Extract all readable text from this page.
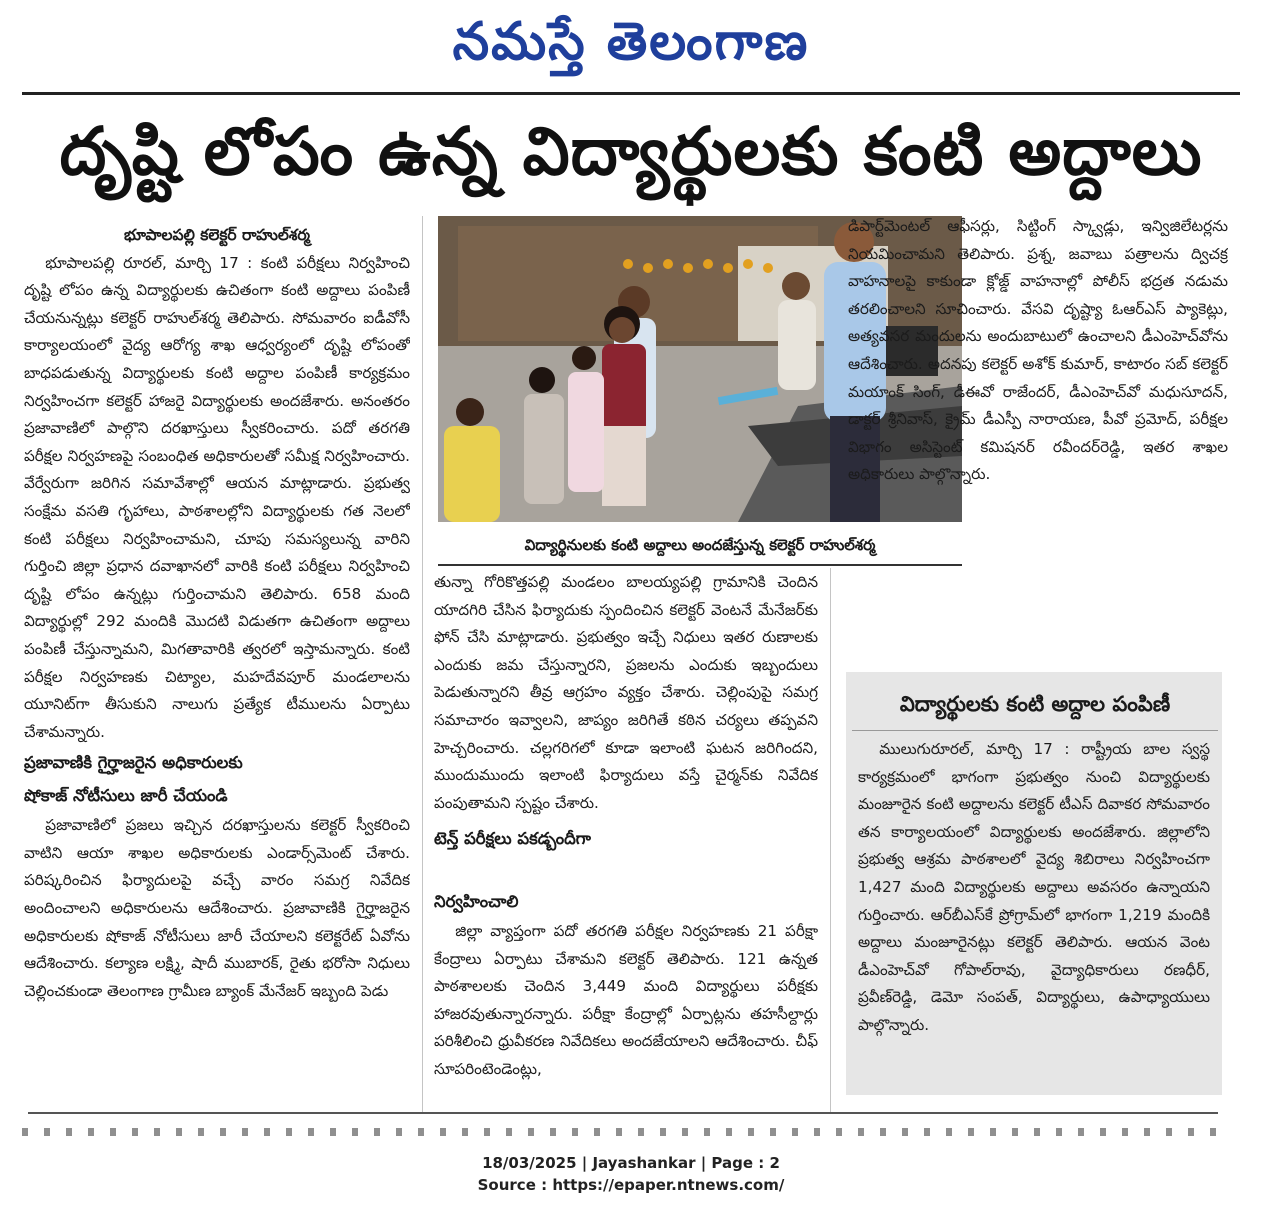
నమస్తే తెలంగాణ
దృష్టి లోపం ఉన్న విద్యార్థులకు కంటి అద్దాలు
భూపాలపల్లి కలెక్టర్ రాహుల్‌శర్మ

భూపాలపల్లి రూరల్, మార్చి 17 : కంటి పరీక్షలు నిర్వహించి దృష్టి లోపం ఉన్న విద్యార్థులకు ఉచితంగా కంటి అద్దాలు పంపిణీ చేయనున్నట్లు కలెక్టర్ రాహుల్‌శర్మ తెలిపారు. సోమవారం ఐడీవోసీ కార్యాలయంలో వైద్య ఆరోగ్య శాఖ ఆధ్వర్యంలో దృష్టి లోపంతో బాధపడుతున్న విద్యార్థులకు కంటి అద్దాల పంపిణీ కార్యక్రమం నిర్వహించగా కలెక్టర్ హాజరై విద్యార్థులకు అందజేశారు. అనంతరం ప్రజావాణిలో పాల్గొని దరఖాస్తులు స్వీకరించారు. పదో తరగతి పరీక్షల నిర్వహణపై సంబంధిత అధికారులతో సమీక్ష నిర్వహించారు. వేర్వేరుగా జరిగిన సమావేశాల్లో ఆయన మాట్లాడారు. ప్రభుత్వ సంక్షేమ వసతి గృహాలు, పాఠశాలల్లోని విద్యార్థులకు గత నెలలో కంటి పరీక్షలు నిర్వహించామని, చూపు సమస్యలున్న వారిని గుర్తించి జిల్లా ప్రధాన దవాఖానలో వారికి కంటి పరీక్షలు నిర్వహించి దృష్టి లోపం ఉన్నట్లు గుర్తించామని తెలిపారు. 658 మంది విద్యార్థుల్లో 292 మందికి మొదటి విడుతగా ఉచితంగా అద్దాలు పంపిణీ చేస్తున్నామని, మిగతావారికి త్వరలో ఇస్తామన్నారు. కంటి పరీక్షల నిర్వహణకు చిట్యాల, మహదేవపూర్ మండలాలను యూనిట్‌గా తీసుకుని నాలుగు ప్రత్యేక టీములను ఏర్పాటు చేశామన్నారు.

ప్రజావాణికి గైర్హాజరైన అధికారులకు
షోకాజ్ నోటీసులు జారీ చేయండి

ప్రజావాణిలో ప్రజలు ఇచ్చిన దరఖాస్తులను కలెక్టర్ స్వీకరించి వాటిని ఆయా శాఖల అధికారులకు ఎండార్స్‌మెంట్ చేశారు. పరిష్కరించిన ఫిర్యాదులపై వచ్చే వారం సమగ్ర నివేదిక అందించాలని అధికారులను ఆదేశించారు. ప్రజావాణికి గైర్హాజరైన అధికారులకు షోకాజ్ నోటీసులు జారీ చేయాలని కలెక్టరేట్ ఏవోను ఆదేశించారు. కల్యాణ లక్ష్మి, షాదీ ముబారక్, రైతు భరోసా నిధులు చెల్లించకుండా తెలంగాణ గ్రామీణ బ్యాంక్ మేనేజర్ ఇబ్బంది పెడు

విద్యార్థినులకు కంటి అద్దాలు అందజేస్తున్న కలెక్టర్ రాహుల్‌శర్మ

తున్నా గోరికొత్తపల్లి మండలం బాలయ్యపల్లి గ్రామానికి చెందిన యాదగిరి చేసిన ఫిర్యాదుకు స్పందించిన కలెక్టర్ వెంటనే మేనేజర్‌కు ఫోన్ చేసి మాట్లాడారు. ప్రభుత్వం ఇచ్చే నిధులు ఇతర రుణాలకు ఎందుకు జమ చేస్తున్నారని, ప్రజలను ఎందుకు ఇబ్బందులు పెడుతున్నారని తీవ్ర ఆగ్రహం వ్యక్తం చేశారు. చెల్లింపుపై సమగ్ర సమాచారం ఇవ్వాలని, జాప్యం జరిగితే కఠిన చర్యలు తప్పవని హెచ్చరించారు. చల్లగరిగలో కూడా ఇలాంటి ఘటన జరిగిందని, ముందుముందు ఇలాంటి ఫిర్యాదులు వస్తే చైర్మన్‌కు నివేదిక పంపుతామని స్పష్టం చేశారు.

టెన్త్ పరీక్షలు పకడ్బందీగా
నిర్వహించాలి

జిల్లా వ్యాప్తంగా పదో తరగతి పరీక్షల నిర్వహణకు 21 పరీక్షా కేంద్రాలు ఏర్పాటు చేశామని కలెక్టర్ తెలిపారు. 121 ఉన్నత పాఠశాలలకు చెందిన 3,449 మంది విద్యార్థులు పరీక్షకు హాజరవుతున్నారన్నారు. పరీక్షా కేంద్రాల్లో ఏర్పాట్లను తహసీల్దార్లు పరిశీలించి ధ్రువీకరణ నివేదికలు అందజేయాలని ఆదేశించారు. చీఫ్ సూపరింటెండెంట్లు,

డిపార్ట్‌మెంటల్ ఆఫీసర్లు, సిట్టింగ్ స్క్వాడ్లు, ఇన్విజిలేటర్లను నియమించామని తెలిపారు. ప్రశ్న, జవాబు పత్రాలను ద్విచక్ర వాహనాలపై కాకుండా క్లోజ్డ్ వాహనాల్లో పోలీస్ భద్రత నడుమ తరలించాలని సూచించారు. వేసవి దృష్ట్యా ఓఆర్‌ఎస్ ప్యాకెట్లు, అత్యవసర మందులను అందుబాటులో ఉంచాలని డీఎంహెచ్‌వోను ఆదేశించారు. అదనపు కలెక్టర్ అశోక్ కుమార్, కాటారం సబ్ కలెక్టర్ మయాంక్ సింగ్, డీఈవో రాజేందర్, డీఎంహెచ్‌వో మధుసూదన్, డాక్టర్ శ్రీనివాస్, క్రైమ్ డీఎస్పీ నారాయణ, పీవో ప్రమోద్, పరీక్షల విభాగం అసిస్టెంట్ కమిషనర్ రవీందర్‌రెడ్డి, ఇతర శాఖల అధికారులు పాల్గొన్నారు.

విద్యార్థులకు కంటి అద్దాల పంపిణీ

ములుగురూరల్, మార్చి 17 : రాష్ట్రీయ బాల స్వస్థ కార్యక్రమంలో భాగంగా ప్రభుత్వం నుంచి విద్యార్థులకు మంజూరైన కంటి అద్దాలను కలెక్టర్ టీఎస్ దివాకర సోమవారం తన కార్యాలయంలో విద్యార్థులకు అందజేశారు. జిల్లాలోని ప్రభుత్వ ఆశ్రమ పాఠశాలలో వైద్య శిబిరాలు నిర్వహించగా 1,427 మంది విద్యార్థులకు అద్దాలు అవసరం ఉన్నాయని గుర్తించారు. ఆర్‌బీఎస్‌కే ప్రోగ్రామ్‌లో భాగంగా 1,219 మందికి అద్దాలు మంజూరైనట్లు కలెక్టర్ తెలిపారు. ఆయన వెంట డీఎంహెచ్‌వో గోపాల్‌రావు, వైద్యాధికారులు రణధీర్, ప్రవీణ్‌రెడ్డి, డెమో సంపత్, విద్యార్థులు, ఉపాధ్యాయులు పాల్గొన్నారు.

18/03/2025 | Jayashankar | Page : 2
Source : https://epaper.ntnews.com/
